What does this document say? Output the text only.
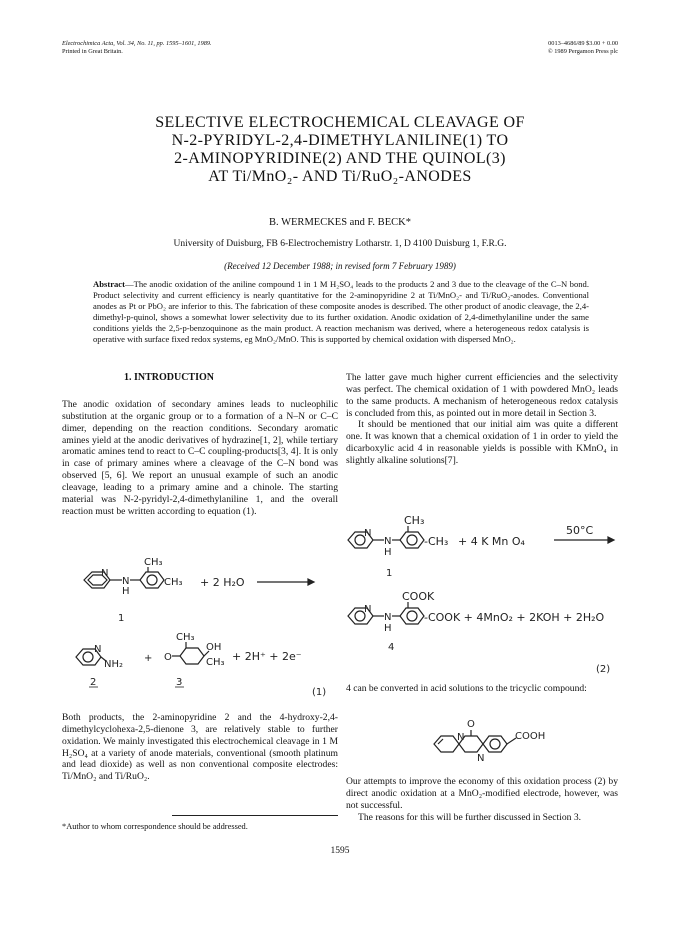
Electrochimica Acta, Vol. 34, No. 11, pp. 1595–1601, 1989.
Printed in Great Britain.
0013–4686/89 $3.00 + 0.00
© 1989 Pergamon Press plc
SELECTIVE ELECTROCHEMICAL CLEAVAGE OF
N-2-PYRIDYL-2,4-DIMETHYLANILINE(1) TO
2-AMINOPYRIDINE(2) AND THE QUINOL(3)
AT Ti/MnO₂- AND Ti/RuO₂-ANODES
B. WERMECKES and F. BECK*
University of Duisburg, FB 6-Electrochemistry Lotharstr. 1, D 4100 Duisburg 1, F.R.G.
(Received 12 December 1988; in revised form 7 February 1989)
Abstract—The anodic oxidation of the aniline compound 1 in 1 M H₂SO₄ leads to the products 2 and 3 due to the cleavage of the C–N bond. Product selectivity and current efficiency is nearly quantitative for the 2-aminopyridine 2 at Ti/MnO₂- and Ti/RuO₂-anodes. Conventional anodes as Pt or PbO₂ are inferior to this. The fabrication of these composite anodes is described. The other product of anodic cleavage, the 2,4-dimethyl-p-quinol, shows a somewhat lower selectivity due to its further oxidation. Anodic oxidation of 2,4-dimethylaniline under the same conditions yields the 2,5-p-benzoquinone as the main product. A reaction mechanism was derived, where a heterogeneous redox catalysis is operative with surface fixed redox systems, eg MnO₂/MnO. This is supported by chemical oxidation with dispersed MnO₂.
1. INTRODUCTION

The anodic oxidation of secondary amines leads to nucleophilic substitution at the organic group or to a formation of a N–N or C–C dimer, depending on the reaction conditions. Secondary aromatic amines yield at the anodic derivatives of hydrazine[1, 2], while tertiary aromatic amines tend to react to C–C coupling-products[3, 4]. It is only in case of primary amines where a cleavage of the C–N bond was observed [5, 6]. We report an unusual example of such an anodic cleavage, leading to a primary amine and a chinole. The starting material was N-2-pyridyl-2,4-dimethylaniline 1, and the overall reaction must be written according to equation (1).

N
N
H
CH₃
CH₃ + 2 H₂O
1
N
NH₂
+ O
CH₃
OH
CH₃ + 2H⁺ + 2e⁻
2	3
(1)

Both products, the 2-aminopyridine 2 and the 4-hydroxy-2,4-dimethylcyclohexa-2,5-dienone 3, are relatively stable to further oxidation. We mainly investigated this electrochemical cleavage in 1 M H₂SO₄ at a variety of anode materials, conventional (smooth platinum and lead dioxide) as well as non conventional composite electrodes: Ti/MnO₂ and Ti/RuO₂.

*Author to whom correspondence should be addressed.

The latter gave much higher current efficiencies and the selectivity was perfect. The chemical oxidation of 1 with powdered MnO₂ leads to the same products. A mechanism of heterogeneous redox catalysis is concluded from this, as pointed out in more detail in Section 3.

It should be mentioned that our initial aim was quite a different one. It was known that a chemical oxidation of 1 in order to yield the dicarboxylic acid 4 in reasonable yields is possible with KMnO₄ in slightly alkaline solutions[7].

N
N
H
CH₃
-CH₃ + 4 K Mn O₄
50°C
1
N
N
H
COOK
-COOK + 4MnO₂ + 2KOH + 2H₂O
4
(2)

4 can be converted in acid solutions to the tricyclic compound:

O
N
N
COOH

Our attempts to improve the economy of this oxidation process (2) by direct anodic oxidation at a MnO₂-modified electrode, however, was not successful.

The reasons for this will be further discussed in Section 3.

1595
